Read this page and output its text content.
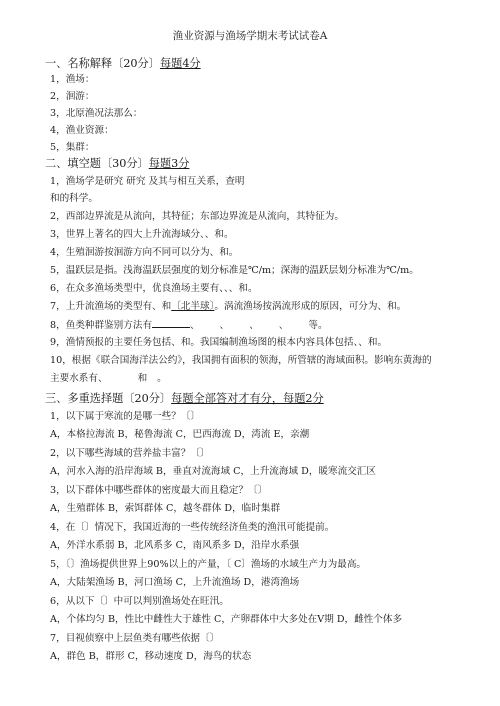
渔业资源与渔场学期末考试试卷A
一、名称解释〔20分〕每题4分
1，渔场：
2，洄游：
3，北原渔况法那么：
4，渔业资源：
5，集群：
二、填空题〔30分〕每题3分
1，渔场学是研究 研究 及其与相互关系，查明
和的科学。
2，西部边界流是从流向，其特征；东部边界流是从流向，其特征为。
3，世界上著名的四大上升流海域分、、和。
4，生殖洄游按洄游方向不同可以分为、和。
5，温跃层是指。浅海温跃层强度的划分标准是℃/m；深海的温跃层划分标准为℃/m。
6，在众多渔场类型中，优良渔场主要有、、、和。
7，上升流渔场的类型有、和〔北半球〕。涡流渔场按涡流形成的原因，可分为、和。
8，鱼类种群鉴别方法有	、 、 、 、 等。
9，渔情预报的主要任务包括、和。我国编制渔场图的根本内容具体包括、、和。
10，根据《联合国海洋法公约》，我国拥有面积的领海，所管辖的海域面积。影响东黄海的
主要水系有、	和 。
三、多重选择题〔20分〕每题全部答对才有分，每题2分
1，以下属于寒流的是哪一些？〔〕
A，本格拉海流 B，秘鲁海流 C，巴西海流 D，湾流 E，亲潮
2，以下哪些海域的营养盐丰富？〔〕
A，河水入海的沿岸海域 B，垂直对流海域 C，上升流海域 D，暖寒流交汇区
3，以下群体中哪些群体的密度最大而且稳定？〔〕
A，生殖群体 B，索饵群体 C，越冬群体 D，临时集群
4，在〔〕情况下，我国近海的一些传统经济鱼类的渔汛可能提前。
A，外洋水系弱 B，北风系多 C，南风系多 D，沿岸水系强
5，〔〕渔场提供世界上90%以上的产量，〔 C〕渔场的水域生产力为最高。
A，大陆架渔场 B，河口渔场 C，上升流渔场 D，港湾渔场
6，从以下〔〕中可以判别渔场处在旺汛。
A，个体均匀 B，性比中雌性大于雄性 C，产卵群体中大多处在Ⅴ期 D，雌性个体多
7，目视侦察中上层鱼类有哪些依据〔〕
A，群色 B，群形 C，移动速度 D，海鸟的状态
